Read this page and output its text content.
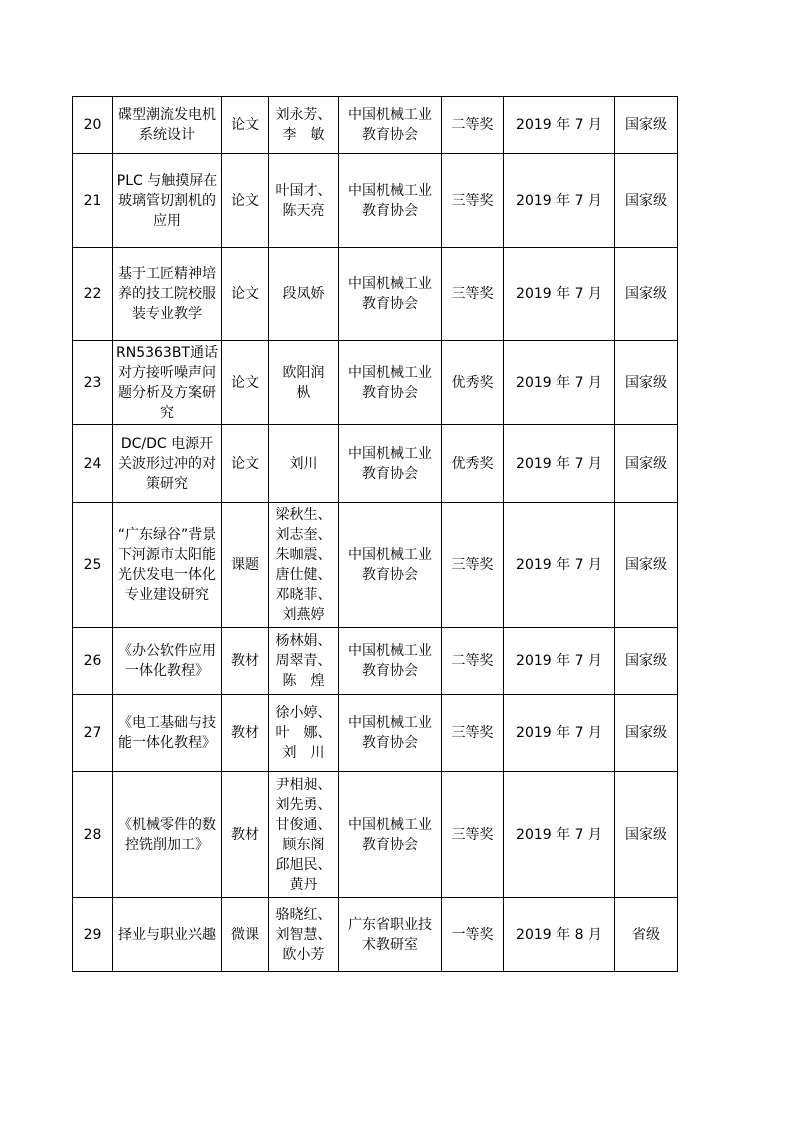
20	碟型潮流发电机系统设计	论文	刘永芳、
李　敏	中国机械工业教育协会	二等奖	2019 年 7 月	国家级
21	PLC 与触摸屏在玻璃管切割机的应用	论文	叶国才、
陈天亮	中国机械工业教育协会	三等奖	2019 年 7 月	国家级
22	基于工匠精神培养的技工院校服装专业教学	论文	段凤娇	中国机械工业教育协会	三等奖	2019 年 7 月	国家级
23	RN5363BT通话对方接听噪声问题分析及方案研究	论文	欧阳润
枞	中国机械工业教育协会	优秀奖	2019 年 7 月	国家级
24	DC/DC 电源开关波形过冲的对策研究	论文	刘川	中国机械工业教育协会	优秀奖	2019 年 7 月	国家级
25	“广东绿谷”背景下河源市太阳能光伏发电一体化专业建设研究	课题	
梁秋生、
刘志奎、
朱咖震、
唐仕健、
邓晓菲、
刘燕婷
	中国机械工业教育协会	三等奖	2019 年 7 月	国家级
26	《办公软件应用一体化教程》	教材	杨林娟、
周翠青、
陈　煌	中国机械工业教育协会	二等奖	2019 年 7 月	国家级
27	《电工基础与技能一体化教程》	教材	徐小婷、
叶　娜、
刘　川	中国机械工业教育协会	三等奖	2019 年 7 月	国家级
28	《机械零件的数控铣削加工》	教材	
尹相昶、
刘先勇、
甘俊通、
顾东阁
邱旭民、
黄丹
	中国机械工业教育协会	三等奖	2019 年 7 月	国家级
29	择业与职业兴趣	微课	骆晓红、
刘智慧、
欧小芳	广东省职业技术教研室	一等奖	2019 年 8 月	省级
